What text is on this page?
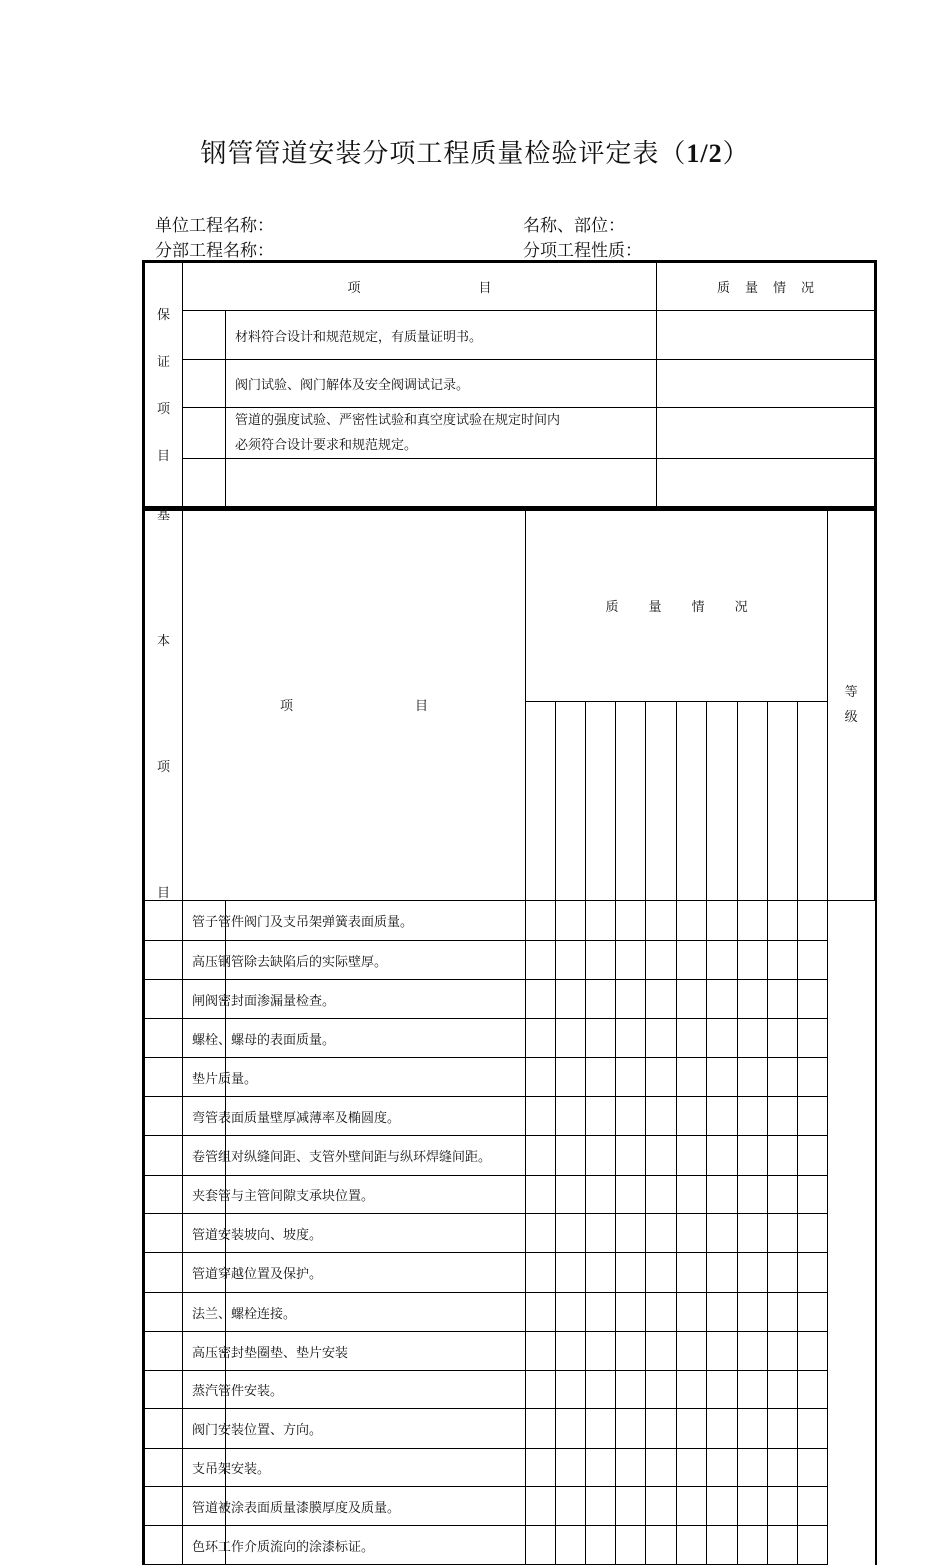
钢管管道安装分项工程质量检验评定表（1/2）
单位工程名称：	名称、部位：
分部工程名称：	分项工程性质：
保
证
项
目	项 目		质 量 情 况
		材料符合设计和规范规定，有质量证明书。	
		阀门试验、阀门解体及安全阀调试记录。	
		管道的强度试验、严密性试验和真空度试验在规定时间内
必须符合设计要求和规范规定。	

基
本
项
目	项 目		质 量 情 况										等
级

	管子管件阀门及支吊架弹簧表面质量。												
	高压钢管除去缺陷后的实际壁厚。												
	闸阀密封面渗漏量检查。												
	螺栓、螺母的表面质量。												
	垫片质量。												
	弯管表面质量壁厚减薄率及椭圆度。												
	卷管组对纵缝间距、支管外壁间距与纵环焊缝间距。												
	夹套管与主管间隙支承块位置。												
	管道安装坡向、坡度。												
	管道穿越位置及保护。												
	法兰、螺栓连接。												
	高压密封垫圈垫、垫片安装												
	蒸汽管件安装。												
	阀门安装位置、方向。												
	支吊架安装。												
	管道被涂表面质量漆膜厚度及质量。												
	色环工作介质流向的涂漆标证。												
